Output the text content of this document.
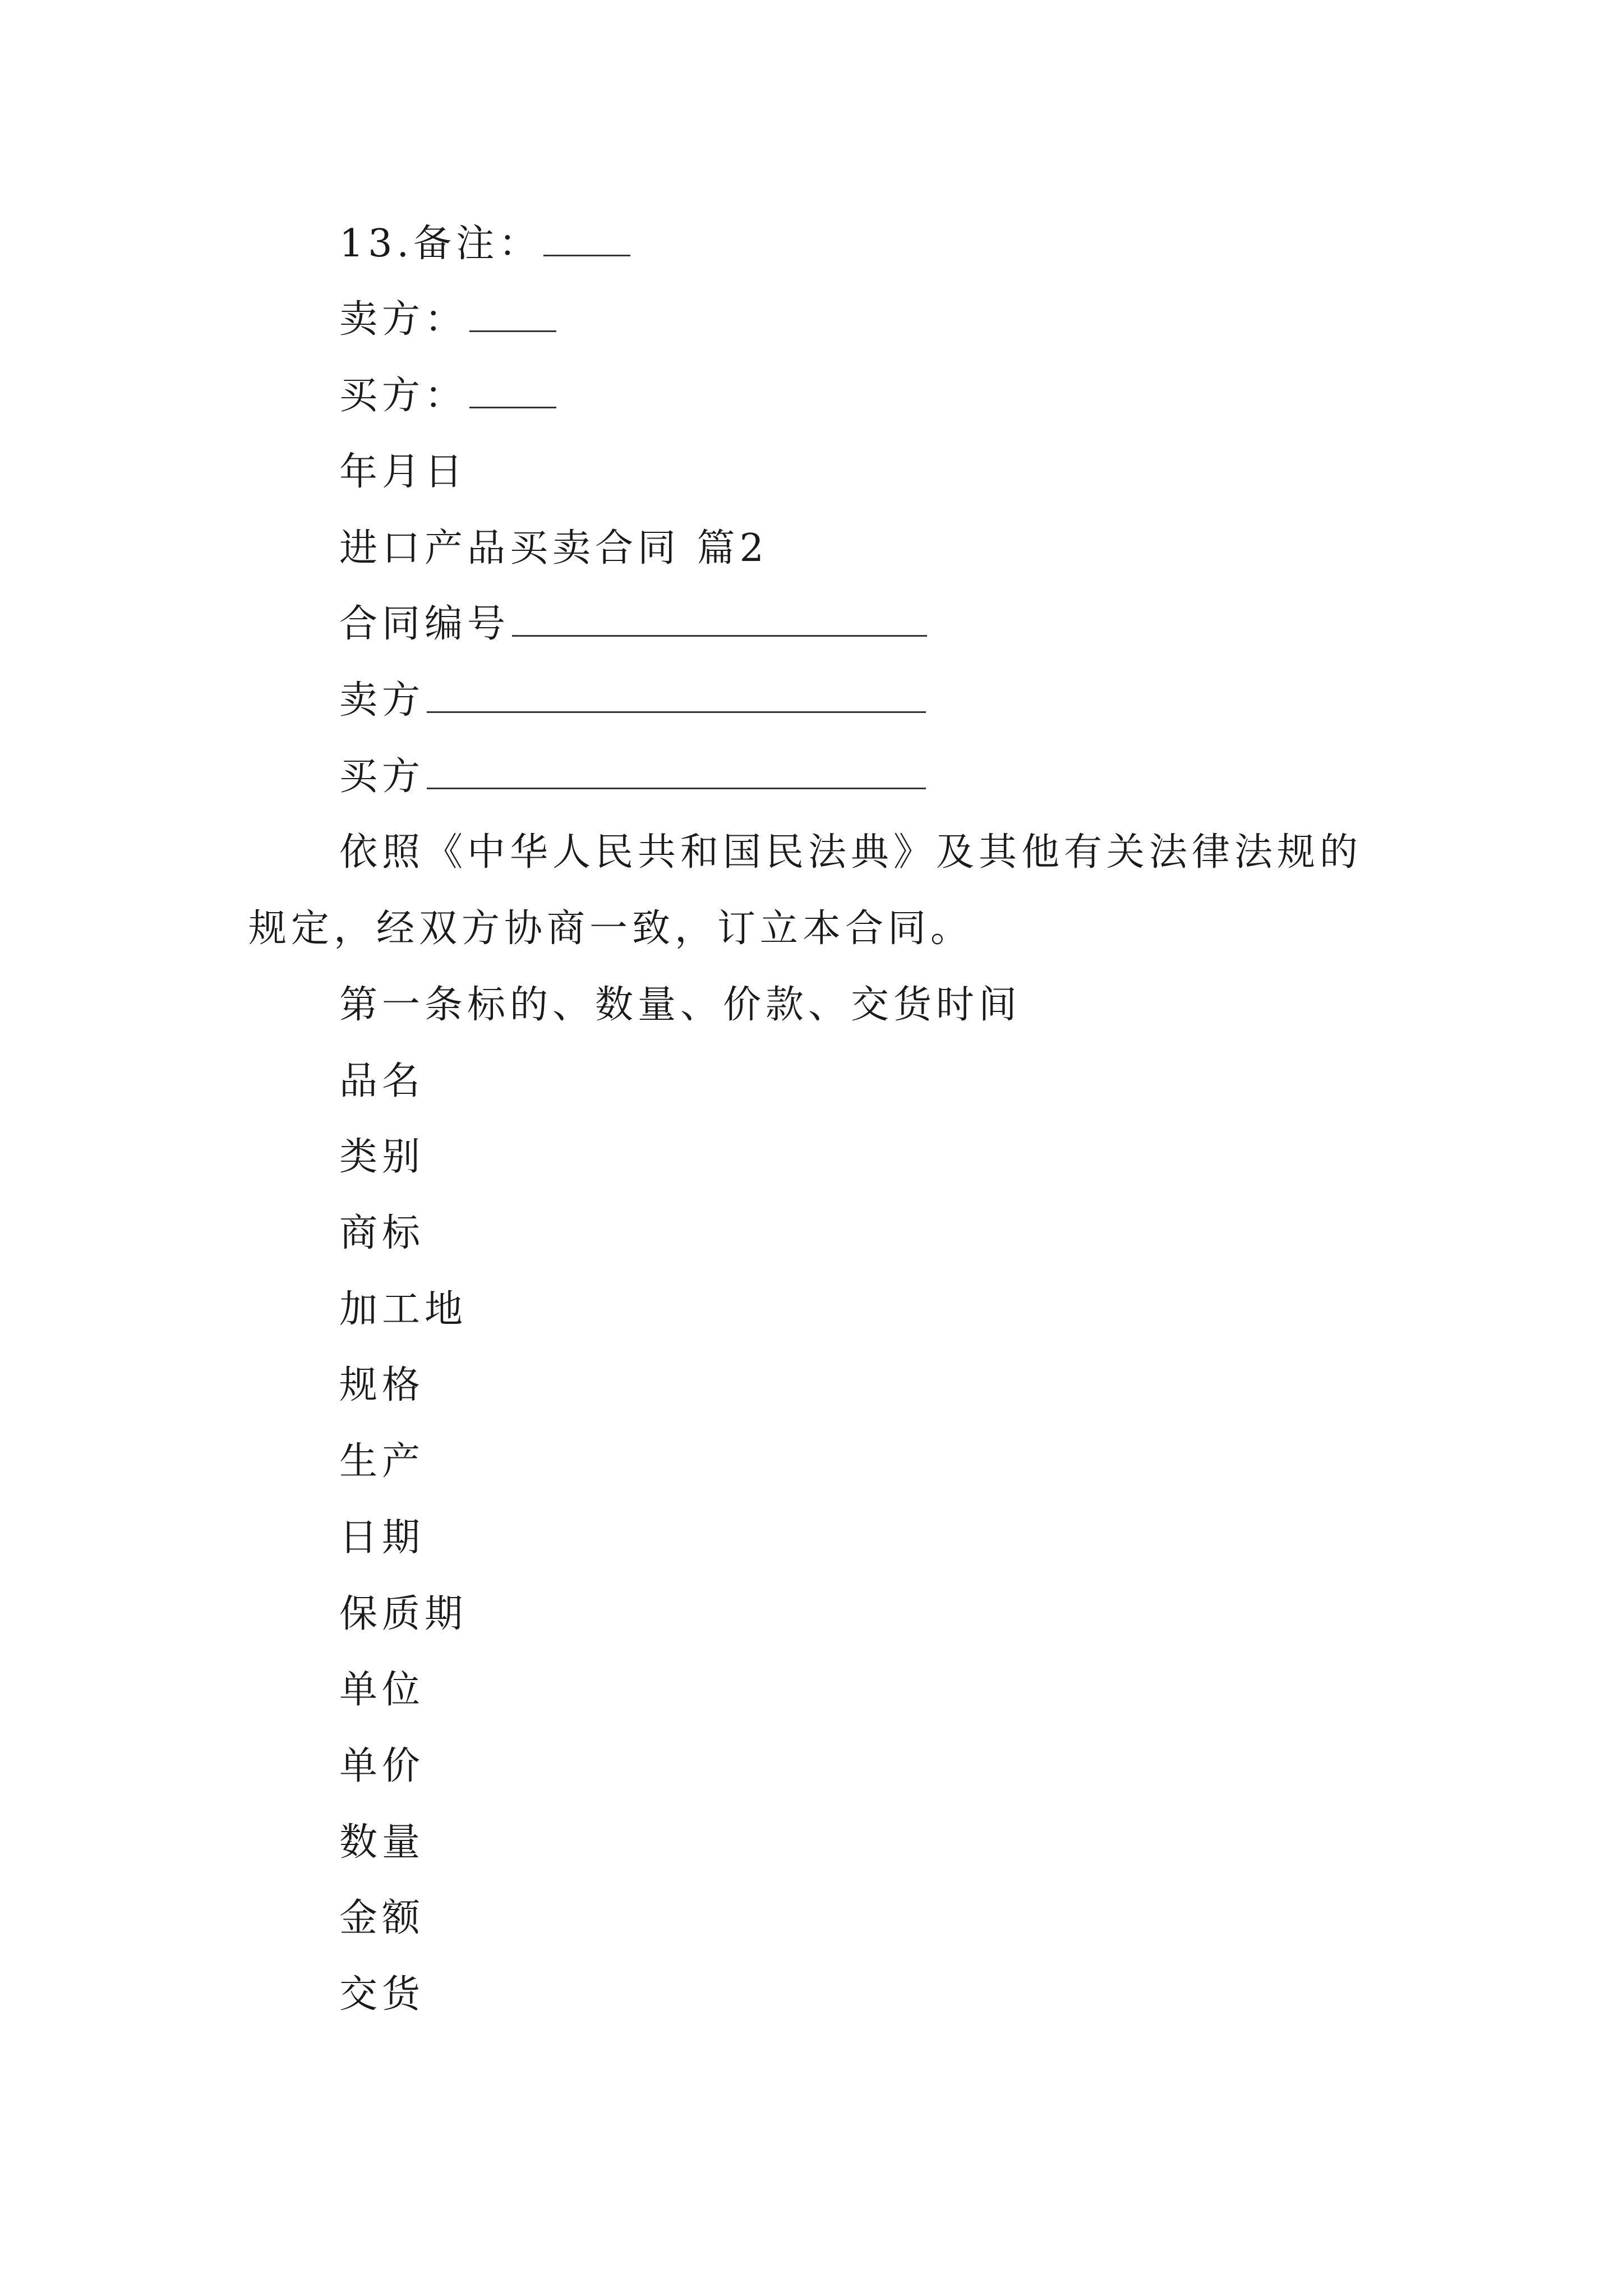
13.备注：
卖方：
买方：
年月日
进口产品买卖合同 篇2
合同编号
卖方
买方
依照《中华人民共和国民法典》及其他有关法律法规的
规定，经双方协商一致，订立本合同。
第一条标的、数量、价款、交货时间
品名
类别
商标
加工地
规格
生产
日期
保质期
单位
单价
数量
金额
交货
